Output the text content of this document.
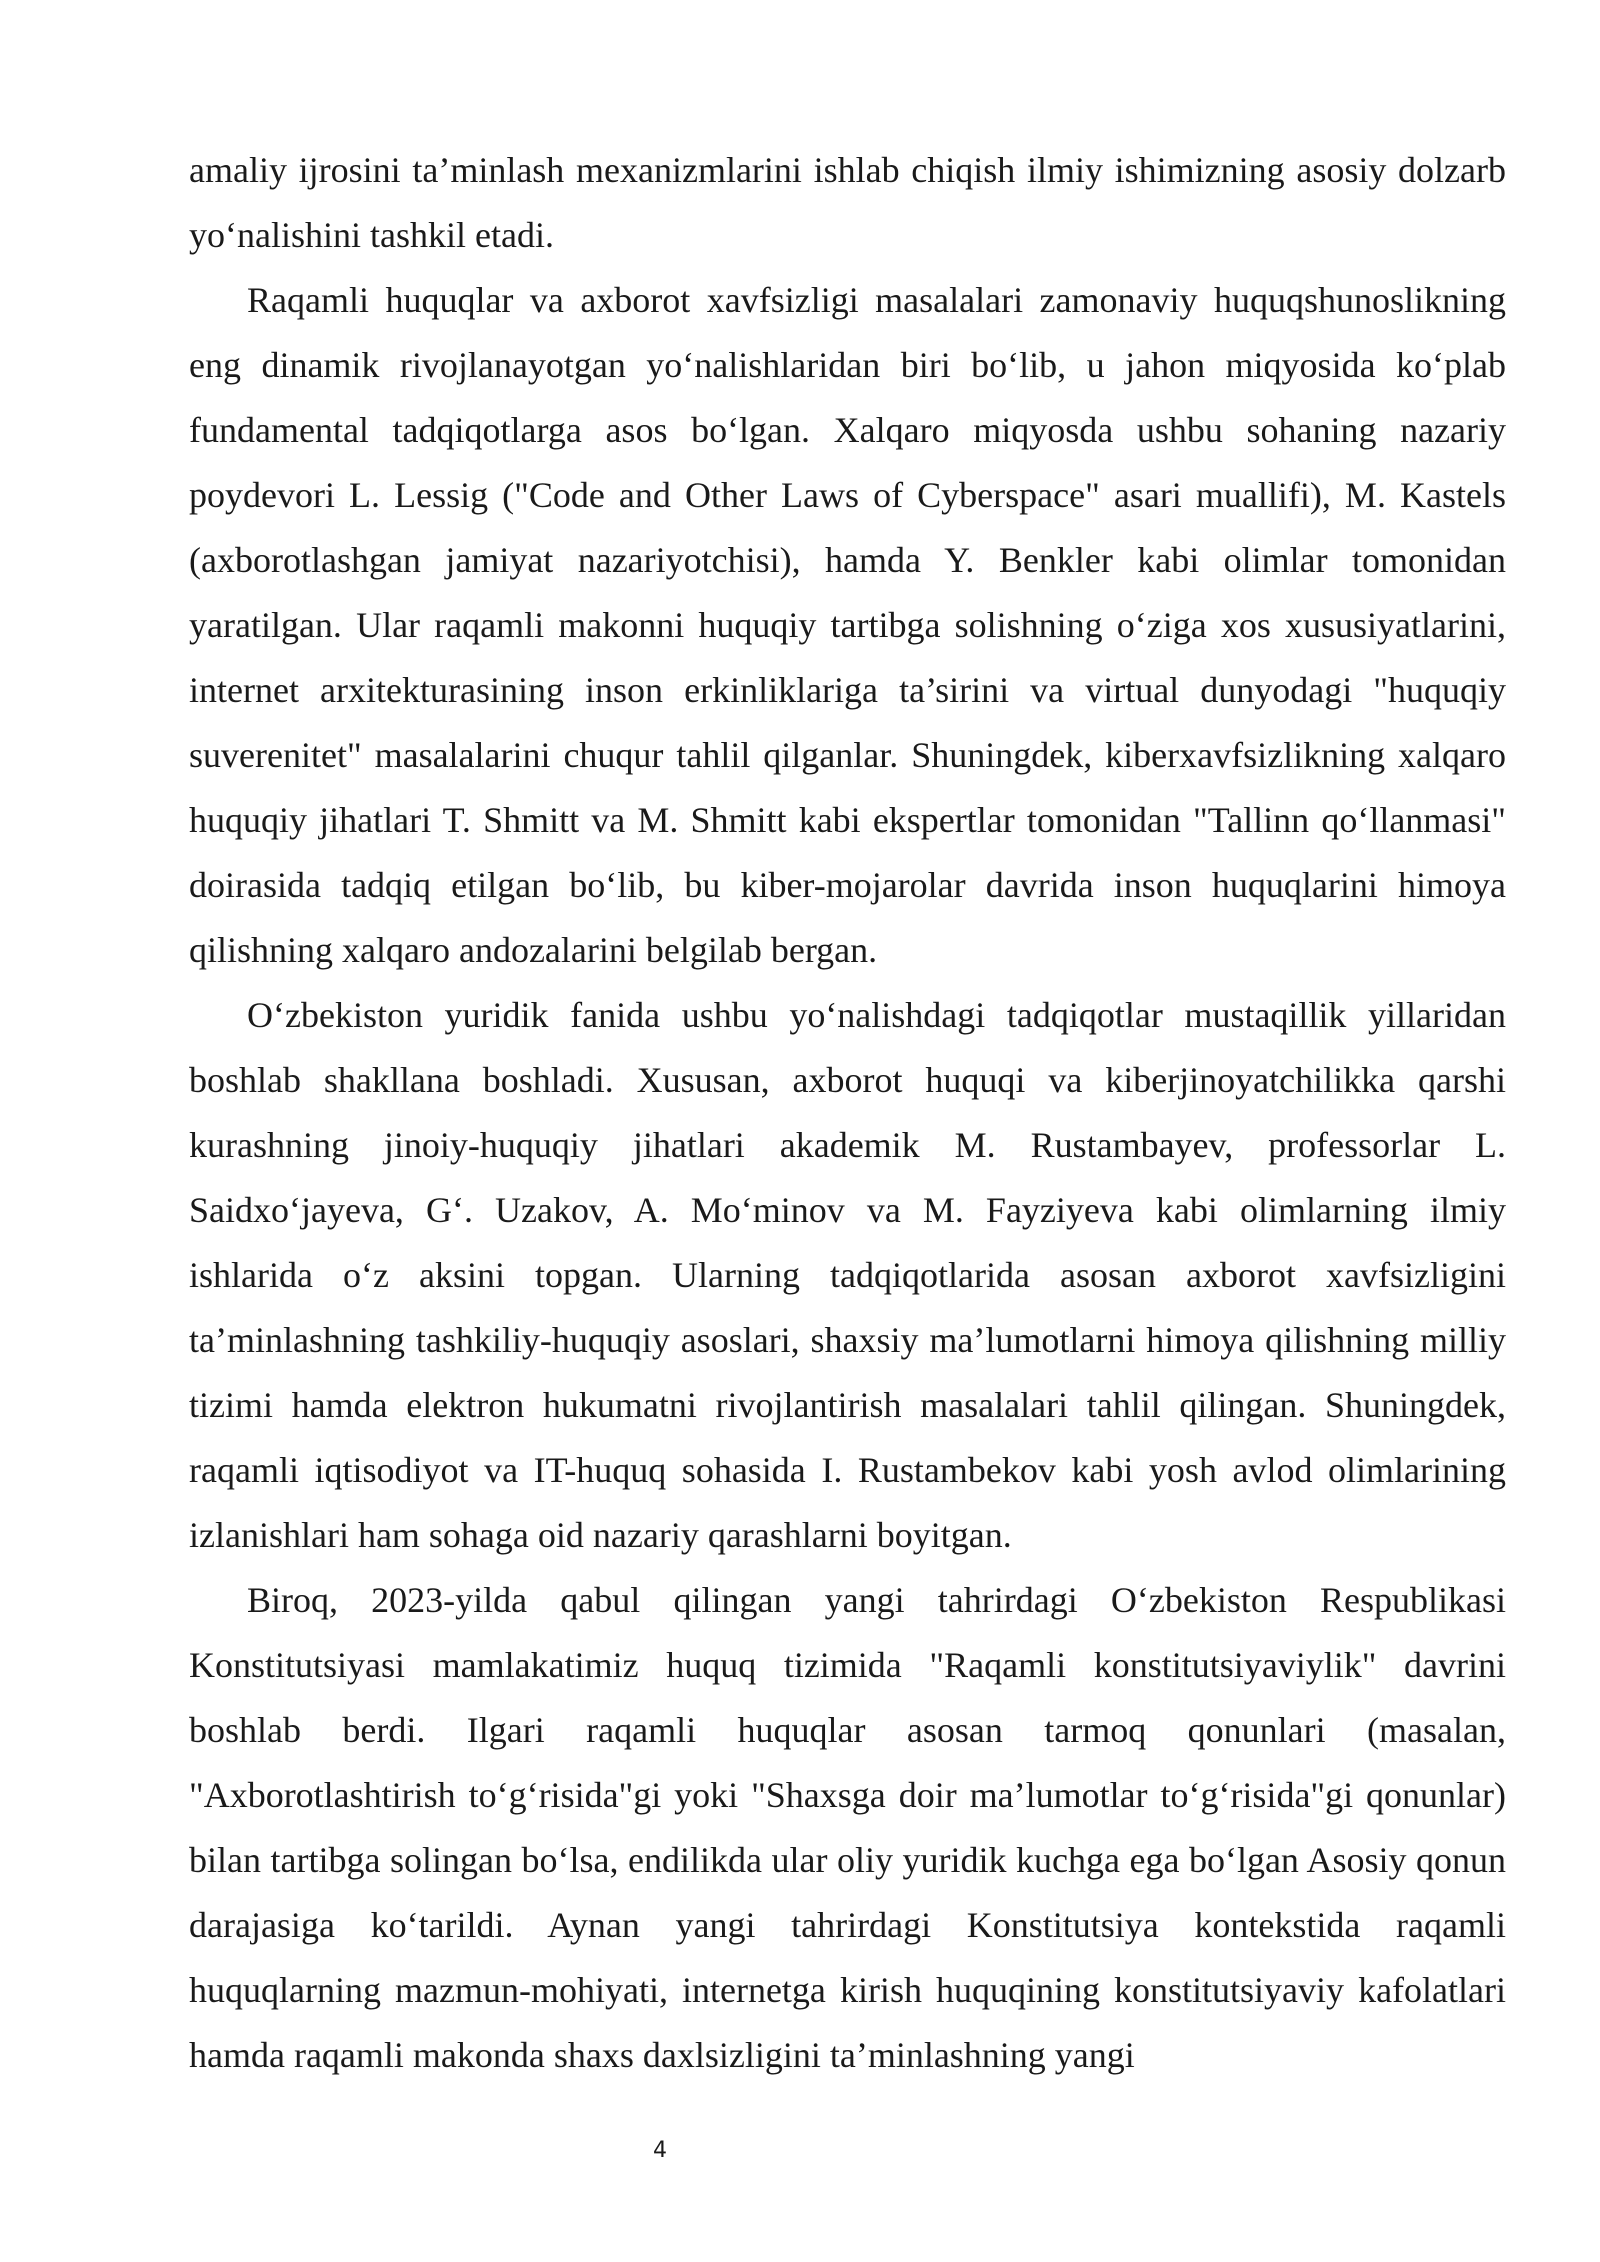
amaliy ijrosini ta’minlash mexanizmlarini ishlab chiqish ilmiy ishimizning asosiy dolzarb yo‘nalishini tashkil etadi.

Raqamli huquqlar va axborot xavfsizligi masalalari zamonaviy huquqshunoslikning eng dinamik rivojlanayotgan yo‘nalishlaridan biri bo‘lib, u jahon miqyosida ko‘plab fundamental tadqiqotlarga asos bo‘lgan. Xalqaro miqyosda ushbu sohaning nazariy poydevori L. Lessig ("Code and Other Laws of Cyberspace" asari muallifi), M. Kastels (axborotlashgan jamiyat nazariyotchisi), hamda Y. Benkler kabi olimlar tomonidan yaratilgan. Ular raqamli makonni huquqiy tartibga solishning o‘ziga xos xususiyatlarini, internet arxitekturasining inson erkinliklariga ta’sirini va virtual dunyodagi "huquqiy suverenitet" masalalarini chuqur tahlil qilganlar. Shuningdek, kiberxavfsizlikning xalqaro huquqiy jihatlari T. Shmitt va M. Shmitt kabi ekspertlar tomonidan "Tallinn qo‘llanmasi" doirasida tadqiq etilgan bo‘lib, bu kiber-mojarolar davrida inson huquqlarini himoya qilishning xalqaro andozalarini belgilab bergan.

O‘zbekiston yuridik fanida ushbu yo‘nalishdagi tadqiqotlar mustaqillik yillaridan boshlab shakllana boshladi. Xususan, axborot huquqi va kiberjinoyatchilikka qarshi kurashning jinoiy-huquqiy jihatlari akademik M. Rustambayev, professorlar L. Saidxo‘jayeva, G‘. Uzakov, A. Mo‘minov va M. Fayziyeva kabi olimlarning ilmiy ishlarida o‘z aksini topgan. Ularning tadqiqotlarida asosan axborot xavfsizligini ta’minlashning tashkiliy-huquqiy asoslari, shaxsiy ma’lumotlarni himoya qilishning milliy tizimi hamda elektron hukumatni rivojlantirish masalalari tahlil qilingan. Shuningdek, raqamli iqtisodiyot va IT-huquq sohasida I. Rustambekov kabi yosh avlod olimlarining izlanishlari ham sohaga oid nazariy qarashlarni boyitgan.

Biroq, 2023-yilda qabul qilingan yangi tahrirdagi O‘zbekiston Respublikasi Konstitutsiyasi mamlakatimiz huquq tizimida "Raqamli konstitutsiyaviylik" davrini boshlab berdi. Ilgari raqamli huquqlar asosan tarmoq qonunlari (masalan, "Axborotlashtirish to‘g‘risida"gi yoki "Shaxsga doir ma’lumotlar to‘g‘risida"gi qonunlar) bilan tartibga solingan bo‘lsa, endilikda ular oliy yuridik kuchga ega bo‘lgan Asosiy qonun darajasiga ko‘tarildi. Aynan yangi tahrirdagi Konstitutsiya kontekstida raqamli huquqlarning mazmun-mohiyati, internetga kirish huquqining konstitutsiyaviy kafolatlari hamda raqamli makonda shaxs daxlsizligini ta’minlashning yangi

4
